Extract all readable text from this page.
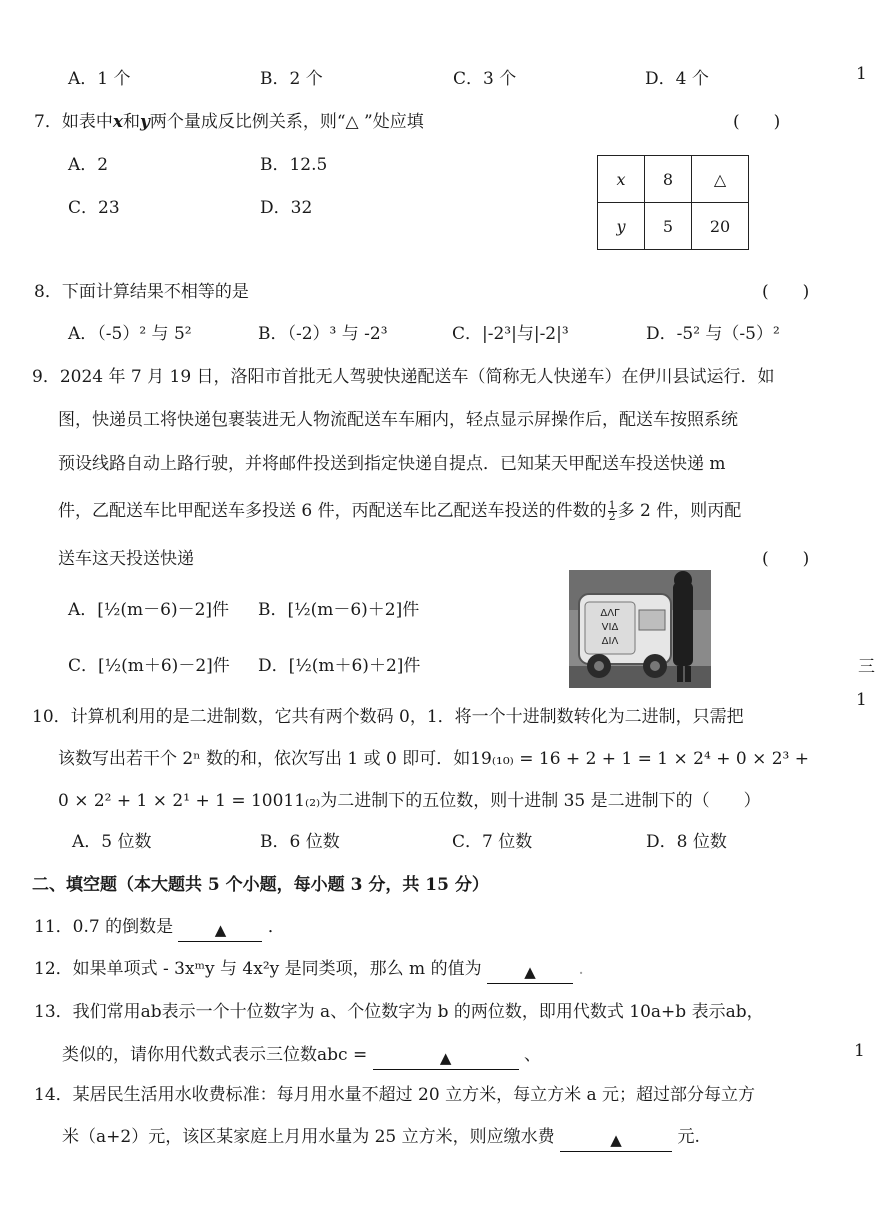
A．1 个	B．2 个	C．3 个	D．4 个	1
7．如表中x和y两个量成反比例关系，则“△ ”处应填	(　　)
A．2	B．12.5
C．23	D．32
x	8	△
y	5	20
8．下面计算结果不相等的是	(　　)
A．（-5）² 与 5²	B．（-2）³ 与 -2³	C．|-2³|与|-2|³	D．-5² 与（-5）²
9．2024 年 7 月 19 日，洛阳市首批无人驾驶快递配送车（简称无人快递车）在伊川县试运行．如
图，快递员工将快递包裹装进无人物流配送车车厢内，轻点显示屏操作后，配送车按照系统
预设线路自动上路行驶，并将邮件投送到指定快递自提点．已知某天甲配送车投送快递 m
件，乙配送车比甲配送车多投送 6 件，丙配送车比乙配送车投送的件数的 $\frac{1}{2}$ 多 2 件，则丙配
送车这天投送快递	(　　)
A．[½(m－6)－2]件 B．[½(m－6)＋2]件
C．[½(m＋6)－2]件 D．[½(m＋6)＋2]件
ΔΛΓ
VΙΔ
ΔΙΛ
三
1
10．计算机利用的是二进制数，它共有两个数码 0，1．将一个十进制数转化为二进制，只需把
该数写出若干个 2ⁿ 数的和，依次写出 1 或 0 即可．如19₍₁₀₎ = 16 + 2 + 1 = 1 × 2⁴ + 0 × 2³ +
0 × 2² + 1 × 2¹ + 1 = 10011₍₂₎为二进制下的五位数，则十进制 35 是二进制下的（　　）
A．5 位数	B．6 位数	C．7 位数	D．8 位数
二、填空题（本大题共 5 个小题，每小题 3 分，共 15 分）
11．0.7 的倒数是	▲ ．
12．如果单项式 - 3xᵐy 与 4x²y 是同类项，那么 m 的值为	▲	.
13．我们常用ab表示一个十位数字为 a、个位数字为 b 的两位数，即用代数式 10a+b 表示ab，
类似的，请你用代数式表示三位数abc =	▲	、	1
14．某居民生活用水收费标准：每月用水量不超过 20 立方米，每立方米 a 元；超过部分每立方
米（a+2）元，该区某家庭上月用水量为 25 立方米，则应缴水费	▲	元.
